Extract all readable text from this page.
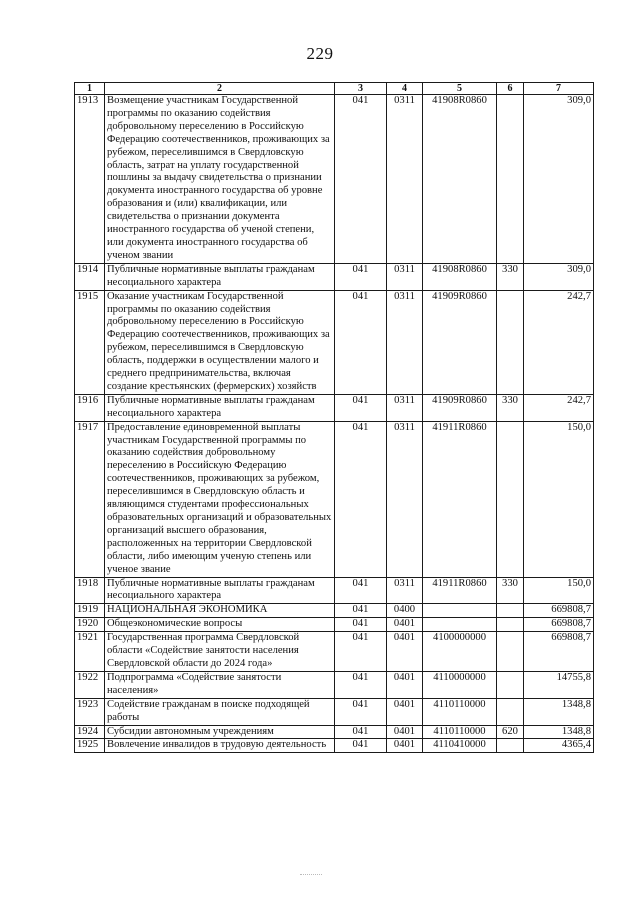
229
1	2	3	4	5	6	7
1913	Возмещение участникам Государственной программы по оказанию содействия добровольному переселению в Российскую Федерацию соотечественников, проживающих за рубежом, переселившимся в Свердловскую область, затрат на уплату государственной пошлины за выдачу свидетельства о признании документа иностранного государства об уровне образования и (или) квалификации, или свидетельства о признании документа иностранного государства об ученой степени, или документа иностранного государства об ученом звании	041	0311	41908R0860		309,0
1914	Публичные нормативные выплаты гражданам несоциального характера	041	0311	41908R0860	330	309,0
1915	Оказание участникам Государственной программы по оказанию содействия добровольному переселению в Российскую Федерацию соотечественников, проживающих за рубежом, переселившимся в Свердловскую область, поддержки в осуществлении малого и среднего предпринимательства, включая создание крестьянских (фермерских) хозяйств	041	0311	41909R0860		242,7
1916	Публичные нормативные выплаты гражданам несоциального характера	041	0311	41909R0860	330	242,7
1917	Предоставление единовременной выплаты участникам Государственной программы по оказанию содействия добровольному переселению в Российскую Федерацию соотечественников, проживающих за рубежом, переселившимся в Свердловскую область и являющимся студентами профессиональных образовательных организаций и образовательных организаций высшего образования, расположенных на территории Свердловской области, либо имеющим ученую степень или ученое звание	041	0311	41911R0860		150,0
1918	Публичные нормативные выплаты гражданам несоциального характера	041	0311	41911R0860	330	150,0
1919	НАЦИОНАЛЬНАЯ ЭКОНОМИКА	041	0400			669808,7
1920	Общеэкономические вопросы	041	0401			669808,7
1921	Государственная программа Свердловской области «Содействие занятости населения Свердловской области до 2024 года»	041	0401	4100000000		669808,7
1922	Подпрограмма «Содействие занятости населения»	041	0401	4110000000		14755,8
1923	Содействие гражданам в поиске подходящей работы	041	0401	4110110000		1348,8
1924	Субсидии автономным учреждениям	041	0401	4110110000	620	1348,8
1925	Вовлечение инвалидов в трудовую деятельность	041	0401	4110410000		4365,4
